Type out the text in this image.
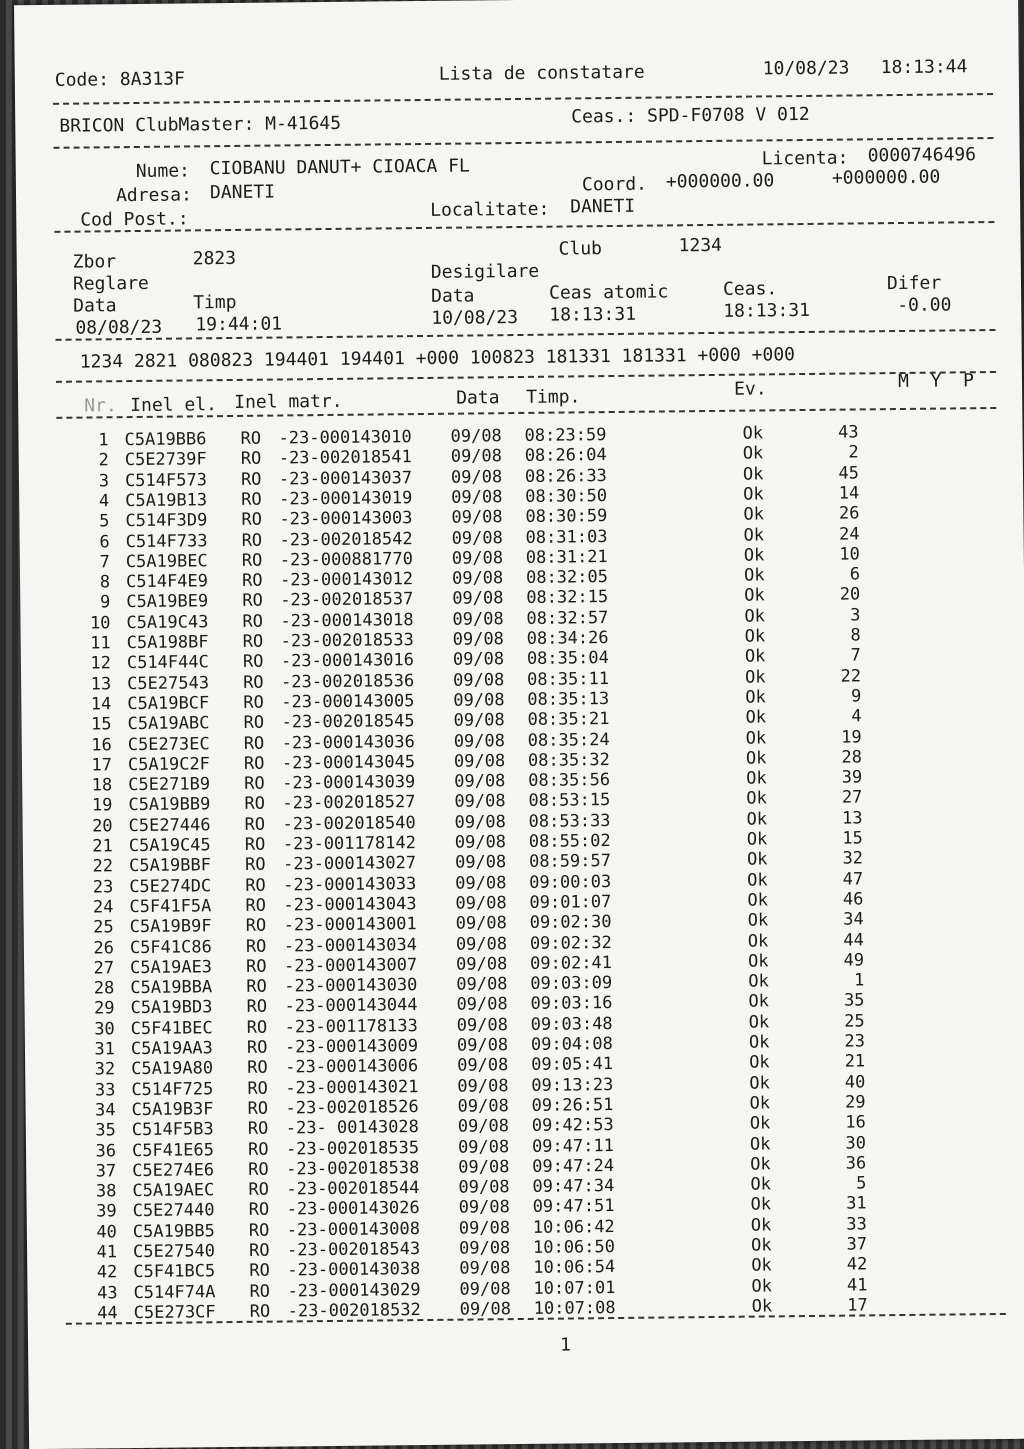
Code: 8A313F	Lista de constatare	10/08/23 18:13:44
BRICON ClubMaster: M-41645	Ceas.: SPD-F0708 V 012
Nume: CIOBANU DANUT+ CIOACA FL	Licenta: 0000746496
Adresa: DANETI	Coord. +000000.00	+000000.00
Cod Post.:	Localitate: DANETI
Zbor	2823	Club	1234
Reglare
Desigilare
Data	Timp	Data	Ceas atomic	Ceas.	Difer
08/08/23 19:44:01	10/08/23 18:13:31	18:13:31	-0.00
1234 2821 080823 194401 194401 +000 100823 181331 181331 +000 +000
Nr. Inel el. Inel matr.	Data Timp.	Ev.	M  Y  P
1 C5A19BB6 RO -23-000143010 09/08 08:23:59	Ok	43
2 C5E2739F RO -23-002018541 09/08 08:26:04	Ok	2
3 C514F573 RO -23-000143037 09/08 08:26:33	Ok	45
4 C5A19B13 RO -23-000143019 09/08 08:30:50	Ok	14
5 C514F3D9 RO -23-000143003 09/08 08:30:59	Ok	26
6 C514F733 RO -23-002018542 09/08 08:31:03	Ok	24
7 C5A19BEC RO -23-000881770 09/08 08:31:21	Ok	10
8 C514F4E9 RO -23-000143012 09/08 08:32:05	Ok	6
9 C5A19BE9 RO -23-002018537 09/08 08:32:15	Ok	20
10 C5A19C43 RO -23-000143018 09/08 08:32:57	Ok	3
11 C5A198BF RO -23-002018533 09/08 08:34:26	Ok	8
12 C514F44C RO -23-000143016 09/08 08:35:04	Ok	7
13 C5E27543 RO -23-002018536 09/08 08:35:11	Ok	22
14 C5A19BCF RO -23-000143005 09/08 08:35:13	Ok	9
15 C5A19ABC RO -23-002018545 09/08 08:35:21	Ok	4
16 C5E273EC RO -23-000143036 09/08 08:35:24	Ok	19
17 C5A19C2F RO -23-000143045 09/08 08:35:32	Ok	28
18 C5E271B9 RO -23-000143039 09/08 08:35:56	Ok	39
19 C5A19BB9 RO -23-002018527 09/08 08:53:15	Ok	27
20 C5E27446 RO -23-002018540 09/08 08:53:33	Ok	13
21 C5A19C45 RO -23-001178142 09/08 08:55:02	Ok	15
22 C5A19BBF RO -23-000143027 09/08 08:59:57	Ok	32
23 C5E274DC RO -23-000143033 09/08 09:00:03	Ok	47
24 C5F41F5A RO -23-000143043 09/08 09:01:07	Ok	46
25 C5A19B9F RO -23-000143001 09/08 09:02:30	Ok	34
26 C5F41C86 RO -23-000143034 09/08 09:02:32	Ok	44
27 C5A19AE3 RO -23-000143007 09/08 09:02:41	Ok	49
28 C5A19BBA RO -23-000143030 09/08 09:03:09	Ok	1
29 C5A19BD3 RO -23-000143044 09/08 09:03:16	Ok	35
30 C5F41BEC RO -23-001178133 09/08 09:03:48	Ok	25
31 C5A19AA3 RO -23-000143009 09/08 09:04:08	Ok	23
32 C5A19A80 RO -23-000143006 09/08 09:05:41	Ok	21
33 C514F725 RO -23-000143021 09/08 09:13:23	Ok	40
34 C5A19B3F RO -23-002018526 09/08 09:26:51	Ok	29
35 C514F5B3 RO -23- 00143028 09/08 09:42:53	Ok	16
36 C5F41E65 RO -23-002018535 09/08 09:47:11	Ok	30
37 C5E274E6 RO -23-002018538 09/08 09:47:24	Ok	36
38 C5A19AEC RO -23-002018544 09/08 09:47:34	Ok	5
39 C5E27440 RO -23-000143026 09/08 09:47:51	Ok	31
40 C5A19BB5 RO -23-000143008 09/08 10:06:42	Ok	33
41 C5E27540 RO -23-002018543 09/08 10:06:50	Ok	37
42 C5F41BC5 RO -23-000143038 09/08 10:06:54	Ok	42
43 C514F74A RO -23-000143029 09/08 10:07:01	Ok	41
44 C5E273CF RO -23-002018532 09/08 10:07:08	Ok	17
1
